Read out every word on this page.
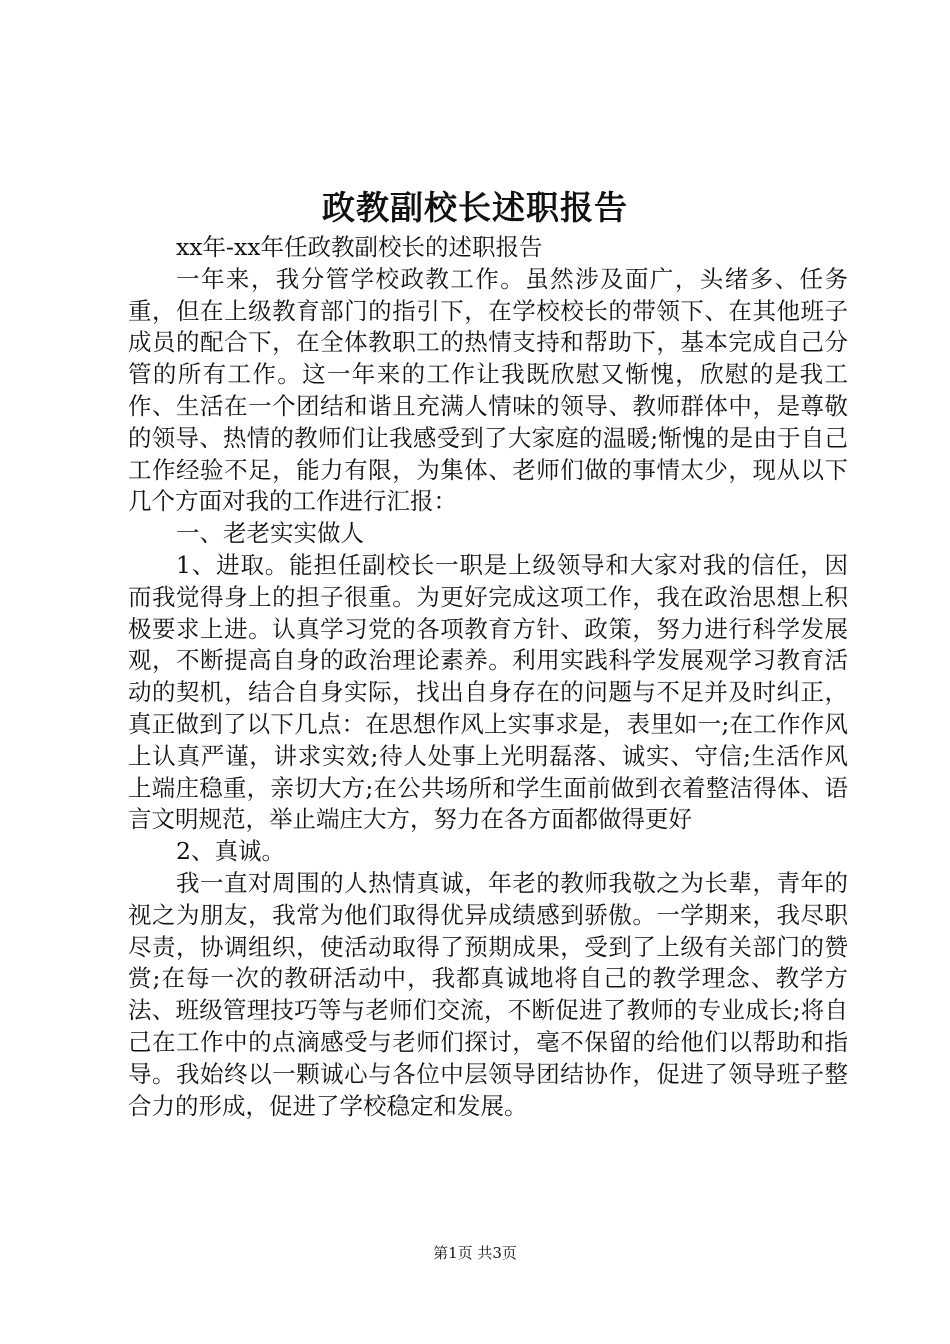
政教副校长述职报告

xx年-xx年任政教副校长的述职报告

一年来，我分管学校政教工作。虽然涉及面广，头绪多、任务重，但在上级教育部门的指引下，在学校校长的带领下、在其他班子成员的配合下，在全体教职工的热情支持和帮助下，基本完成自己分管的所有工作。这一年来的工作让我既欣慰又惭愧，欣慰的是我工作、生活在一个团结和谐且充满人情味的领导、教师群体中，是尊敬的领导、热情的教师们让我感受到了大家庭的温暖;惭愧的是由于自己工作经验不足，能力有限，为集体、老师们做的事情太少，现从以下几个方面对我的工作进行汇报：

一、老老实实做人

1、进取。能担任副校长一职是上级领导和大家对我的信任，因而我觉得身上的担子很重。为更好完成这项工作，我在政治思想上积极要求上进。认真学习党的各项教育方针、政策，努力进行科学发展观，不断提高自身的政治理论素养。利用实践科学发展观学习教育活动的契机，结合自身实际，找出自身存在的问题与不足并及时纠正，真正做到了以下几点：在思想作风上实事求是，表里如一;在工作作风上认真严谨，讲求实效;待人处事上光明磊落、诚实、守信;生活作风上端庄稳重，亲切大方;在公共场所和学生面前做到衣着整洁得体、语言文明规范，举止端庄大方，努力在各方面都做得更好

2、真诚。

我一直对周围的人热情真诚，年老的教师我敬之为长辈，青年的视之为朋友，我常为他们取得优异成绩感到骄傲。一学期来，我尽职尽责，协调组织，使活动取得了预期成果，受到了上级有关部门的赞赏;在每一次的教研活动中，我都真诚地将自己的教学理念、教学方法、班级管理技巧等与老师们交流，不断促进了教师的专业成长;将自己在工作中的点滴感受与老师们探讨，毫不保留的给他们以帮助和指导。我始终以一颗诚心与各位中层领导团结协作，促进了领导班子整合力的形成，促进了学校稳定和发展。

第1页 共3页
